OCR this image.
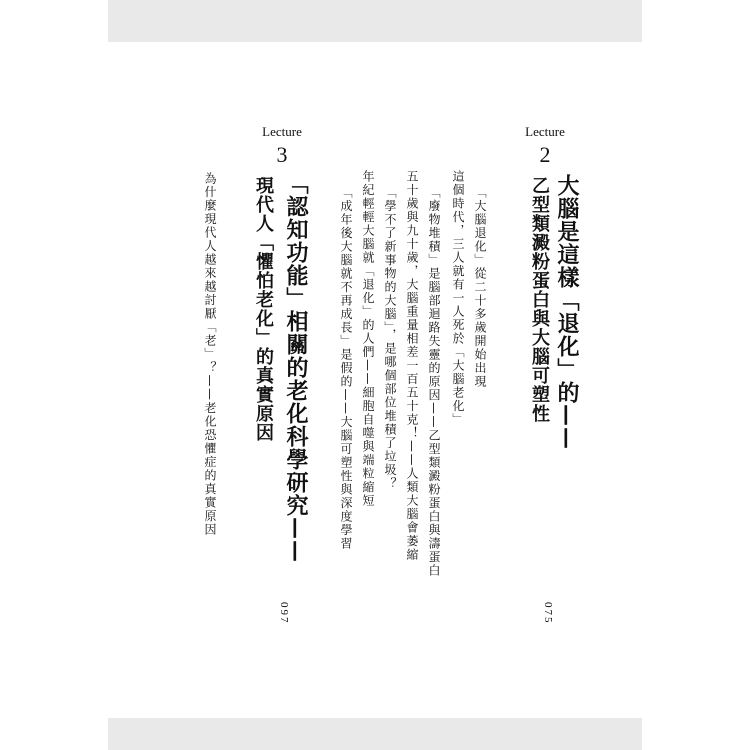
Lecture
2
大腦是這樣「退化」的——
乙型類澱粉蛋白與大腦可塑性
「大腦退化」從二十多歲開始出現
這個時代，三人就有一人死於「大腦老化」
「廢物堆積」是腦部迴路失靈的原因——乙型類澱粉蛋白與濤蛋白
五十歲與九十歲，大腦重量相差一百五十克！——人類大腦會萎縮
「學不了新事物的大腦」，是哪個部位堆積了垃圾？
年紀輕輕大腦就「退化」的人們——細胞自噬與端粒縮短
「成年後大腦就不再成長」是假的——大腦可塑性與深度學習
075
Lecture
3
「認知功能」相關的老化科學研究——
現代人「懼怕老化」的真實原因
為什麼現代人越來越討厭「老」？——老化恐懼症的真實原因
097
